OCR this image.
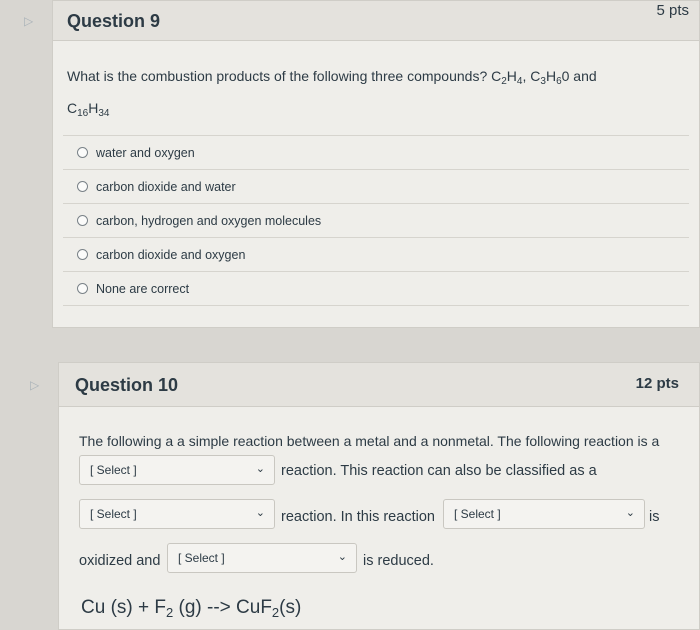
▷	Question 9
5 pts
What is the combustion products of the following three compounds? $C_2H_4$, $C_3H_60$ and
$C_{16}H_{34}$
water and oxygen
carbon dioxide and water
carbon, hydrogen and oxygen molecules
carbon dioxide and oxygen
None are correct
▷	Question 10	12 pts
The following a a simple reaction between a metal and a nonmetal. The following reaction is a
[ Select ]	⌄ reaction. This reaction can also be classified as a
[ Select ]	⌄ reaction. In this reaction [ Select ]	⌄ is
oxidized and [ Select ]	⌄ is reduced.
Cu $(s) + F_2$ (g) --> CuF$_2$(s)
